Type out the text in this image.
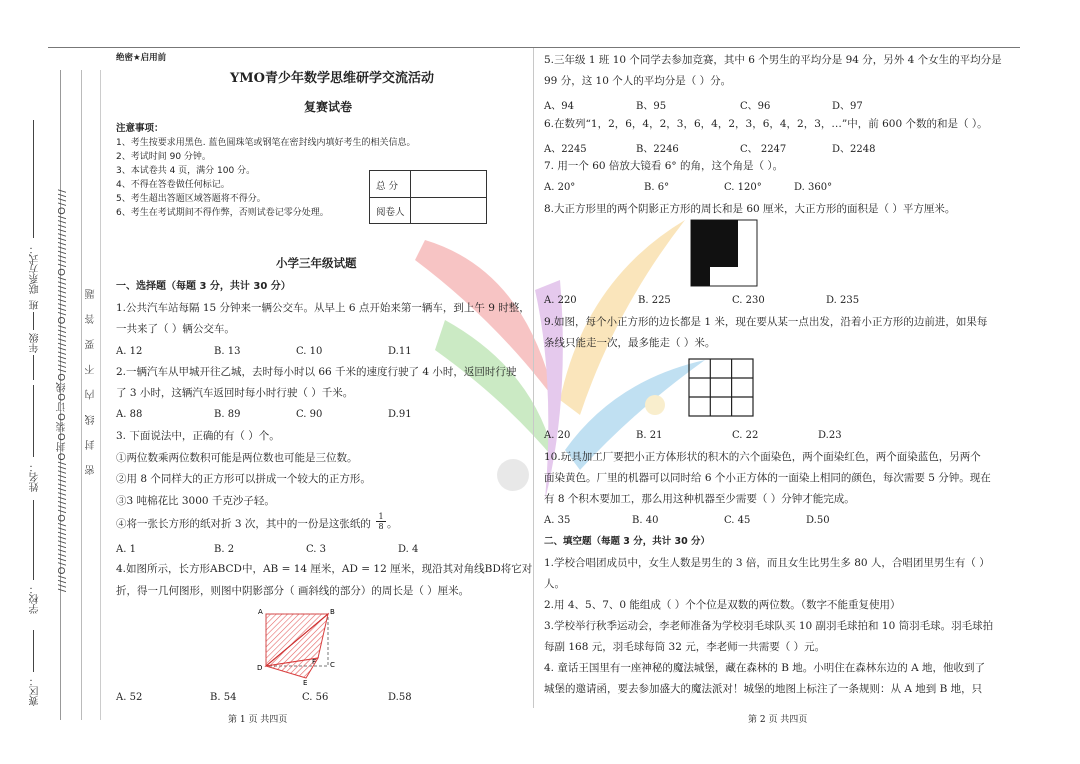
////O//////////O////////////O封O装O订O线O///////////O/////////O////////////O//// 密 封 线 内 不 要 答 题
赛区：
学校：
姓名：
年级
班
联系方式：
绝密★启用前
YMO青少年数学思维研学交流活动
复赛试卷
注意事项：
1、考生按要求用黑色. 蓝色圆珠笔或钢笔在密封线内填好考生的相关信息。
2、考试时间 90 分钟。
3、本试卷共 4 页，满分 100 分。
4、不得在答卷做任何标记。
5、考生超出答题区域答题将不得分。
6、考生在考试期间不得作弊，否则试卷记零分处理。
总 分
阅卷人
小学三年级试题
一、选择题（每题 3 分，共计 30 分）
1.公共汽车站每隔 15 分钟来一辆公交车。从早上 6 点开始来第一辆车，到上午 9 时整，
一共来了（ ）辆公交车。
A. 12	B. 13	C. 10	D.11
2.一辆汽车从甲城开往乙城，去时每小时以 66 千米的速度行驶了 4 小时，返回时行驶
了 3 小时，这辆汽车返回时每小时行驶（ ）千米。
A. 88	B. 89	C. 90	D.91
3. 下面说法中，正确的有（ ）个。
①两位数乘两位数积可能是两位数也可能是三位数。
②用 8 个同样大的正方形可以拼成一个较大的正方形。
③3 吨棉花比 3000 千克沙子轻。
④将一张长方形的纸对折 3 次，其中的一份是这张纸的 $\frac{1}{8}$ 。
A. 1	B. 2	C. 3	D. 4
4.如图所示，长方形ABCD中，AB = 14 厘米，AD = 12 厘米，现沿其对角线BD将它对
折，得一几何图形，则图中阴影部分（ 画斜线的部分）的周长是（ ）厘米。
A	B
C
D
E
F
A. 52	B. 54	C. 56	D.58
5.三年级 1 班 10 个同学去参加竞赛，其中 6 个男生的平均分是 94 分，另外 4 个女生的平均分是
99 分，这 10 个人的平均分是（ ）分。
A、94	B、95	C、96	D、97
6.在数列“1，2，6，4，2，3，6，4，2，3，6，4，2，3，…”中，前 600 个数的和是（ ）。
A、2245	B、2246	C、 2247	D、2248
7. 用一个 60 倍放大镜看 6° 的角，这个角是（ ）。
A. 20°	B. 6°	C. 120°	D. 360°
8.大正方形里的两个阴影正方形的周长和是 60 厘米，大正方形的面积是（ ）平方厘米。
A. 220	B. 225	C. 230	D. 235
9.如图，每个小正方形的边长都是 1 米，现在要从某一点出发，沿着小正方形的边前进，如果每
条线只能走一次，最多能走（ ）米。
A. 20	B. 21	C. 22	D.23
10.玩具加工厂要把小正方体形状的积木的六个面染色，两个面染红色，两个面染蓝色，另两个
面染黄色。厂里的机器可以同时给 6 个小正方体的一面染上相同的颜色，每次需要 5 分钟。现在
有 8 个积木要加工，那么用这种机器至少需要（ ）分钟才能完成。
A. 35	B. 40	C. 45	D.50
二、填空题（每题 3 分，共计 30 分）
1.学校合唱团成员中，女生人数是男生的 3 倍，而且女生比男生多 80 人，合唱团里男生有（ ）
人。
2.用 4、5、7、0 能组成（ ）个个位是双数的两位数。（数字不能重复使用）
3.学校举行秋季运动会，李老师准备为学校羽毛球队买 10 副羽毛球拍和 10 筒羽毛球。羽毛球拍
每副 168 元，羽毛球每筒 32 元，李老师一共需要（ ）元。
4. 童话王国里有一座神秘的魔法城堡，藏在森林的 B 地。小明住在森林东边的 A 地，他收到了
城堡的邀请函，要去参加盛大的魔法派对！城堡的地图上标注了一条规则：从 A 地到 B 地，只
第 1 页 共四页	第 2 页 共四页
